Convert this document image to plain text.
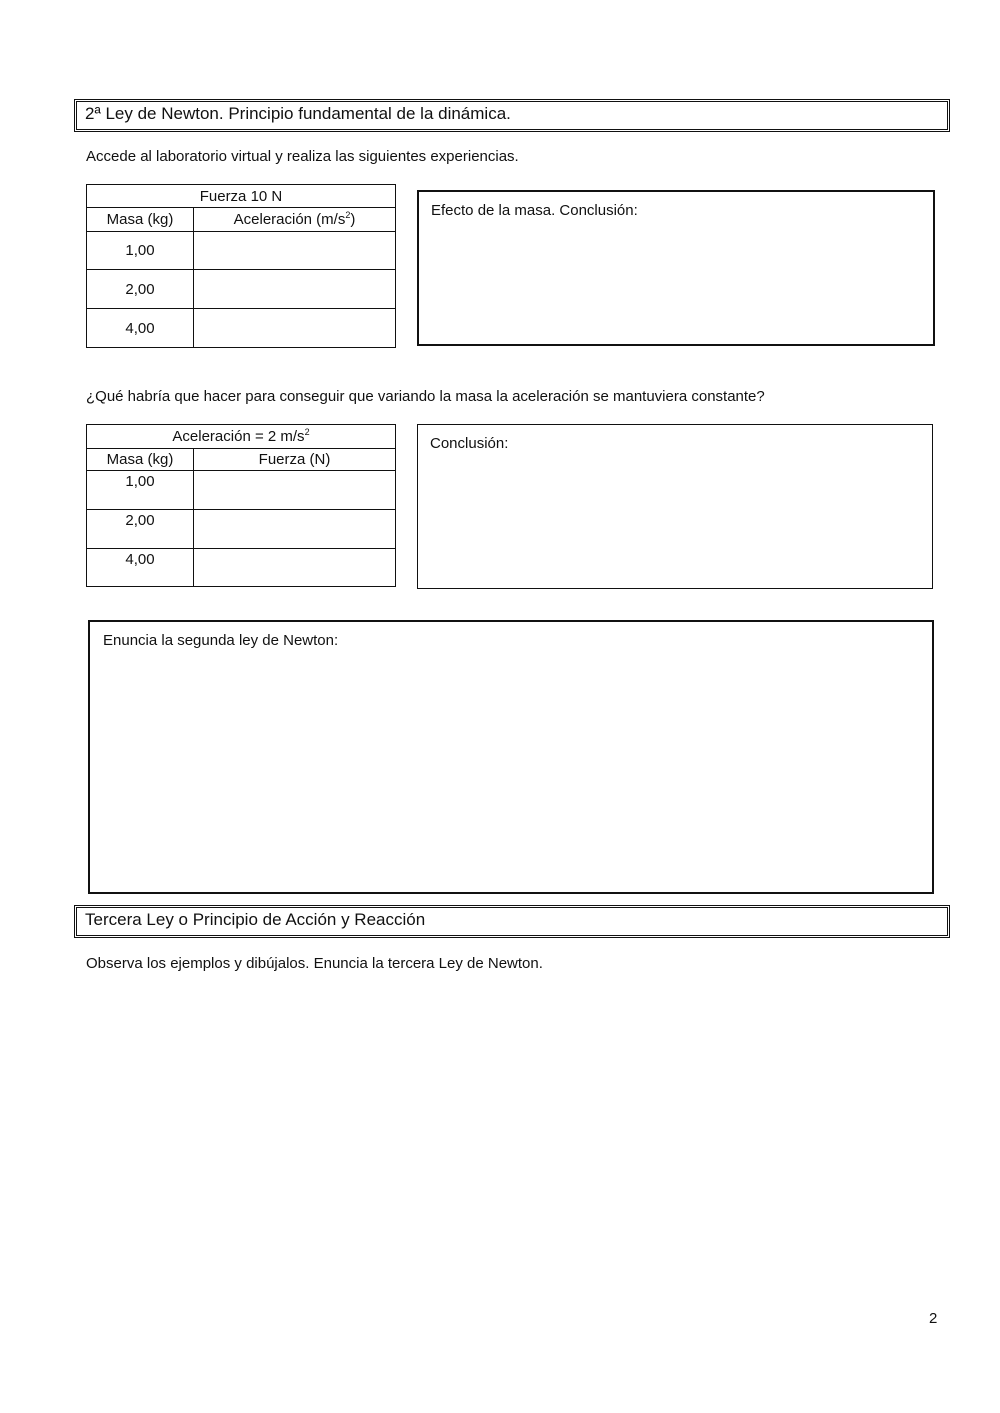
2ª Ley de Newton. Principio fundamental de la dinámica.
Accede al laboratorio virtual y realiza las siguientes experiencias.
Fuerza 10 N	
Masa (kg)	Aceleración $(m/s^2)$
1,00	
2,00	
4,00	
Efecto de la masa. Conclusión:
¿Qué habría que hacer para conseguir que variando la masa la aceleración se mantuviera constante?
Aceleración = 2 $m/s^2$
Masa (kg)	Fuerza (N)
1,00	
2,00	
4,00	
Conclusión:
Enuncia la segunda ley de Newton:
Tercera Ley o Principio de Acción y Reacción
Observa los ejemplos y dibújalos. Enuncia la tercera Ley de Newton.
2
